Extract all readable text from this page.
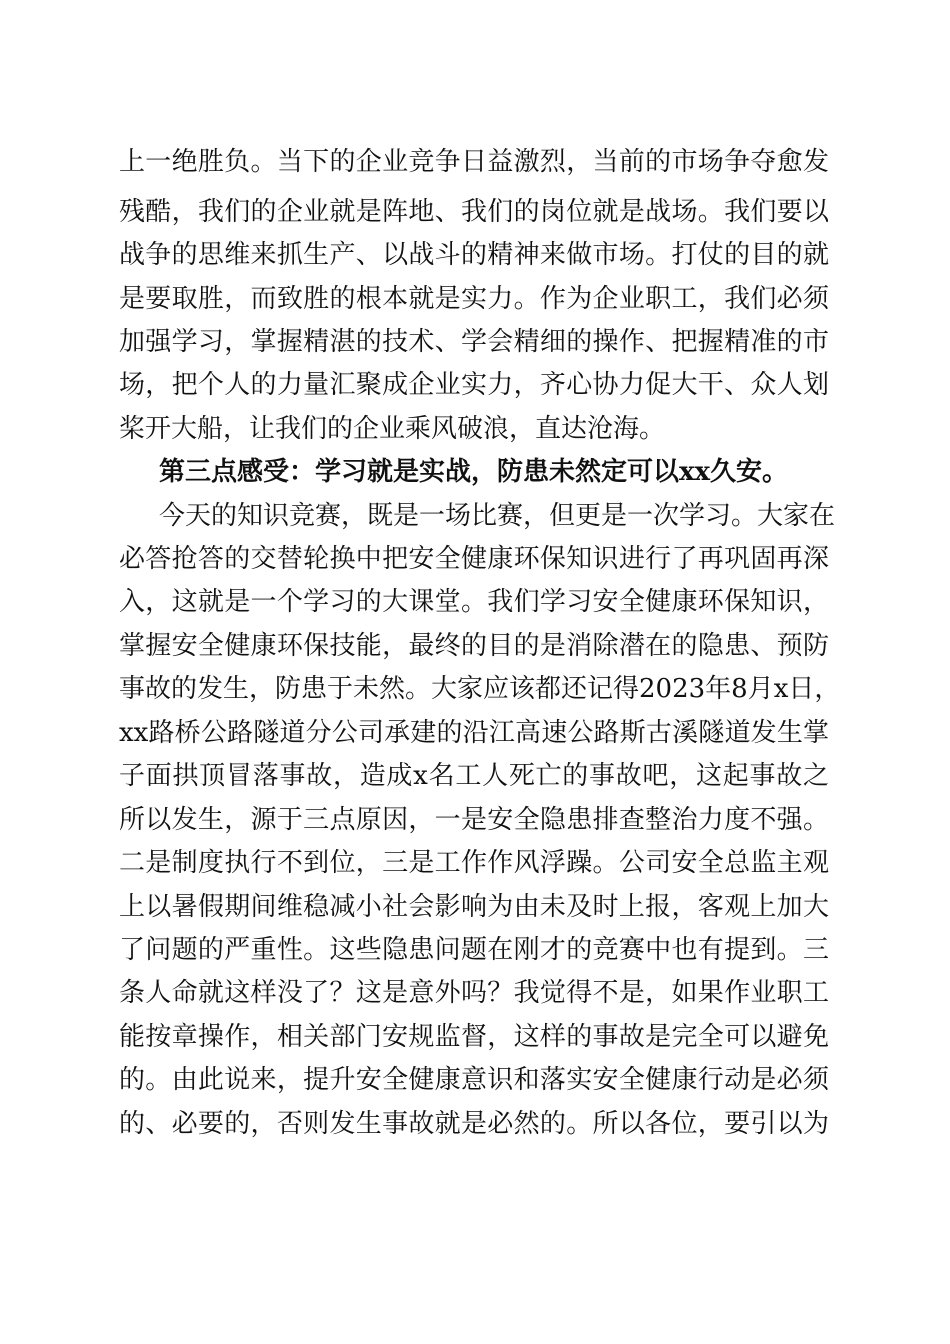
上一绝胜负。当下的企业竞争日益激烈，当前的市场争夺愈发
残酷，我们的企业就是阵地、我们的岗位就是战场。我们要以
战争的思维来抓生产、以战斗的精神来做市场。打仗的目的就
是要取胜，而致胜的根本就是实力。作为企业职工，我们必须
加强学习，掌握精湛的技术、学会精细的操作、把握精准的市
场，把个人的力量汇聚成企业实力，齐心协力促大干、众人划
桨开大船，让我们的企业乘风破浪，直达沧海。
第三点感受：学习就是实战，防患未然定可以xx久安。
今天的知识竞赛，既是一场比赛，但更是一次学习。大家在
必答抢答的交替轮换中把安全健康环保知识进行了再巩固再深
入，这就是一个学习的大课堂。我们学习安全健康环保知识，
掌握安全健康环保技能，最终的目的是消除潜在的隐患、预防
事故的发生，防患于未然。大家应该都还记得2023年8月x日，
xx路桥公路隧道分公司承建的沿江高速公路斯古溪隧道发生掌
子面拱顶冒落事故，造成x名工人死亡的事故吧，这起事故之
所以发生，源于三点原因，一是安全隐患排查整治力度不强。
二是制度执行不到位，三是工作作风浮躁。公司安全总监主观
上以暑假期间维稳减小社会影响为由未及时上报，客观上加大
了问题的严重性。这些隐患问题在刚才的竞赛中也有提到。三
条人命就这样没了？这是意外吗？我觉得不是，如果作业职工
能按章操作，相关部门安规监督，这样的事故是完全可以避免
的。由此说来，提升安全健康意识和落实安全健康行动是必须
的、必要的，否则发生事故就是必然的。所以各位，要引以为
